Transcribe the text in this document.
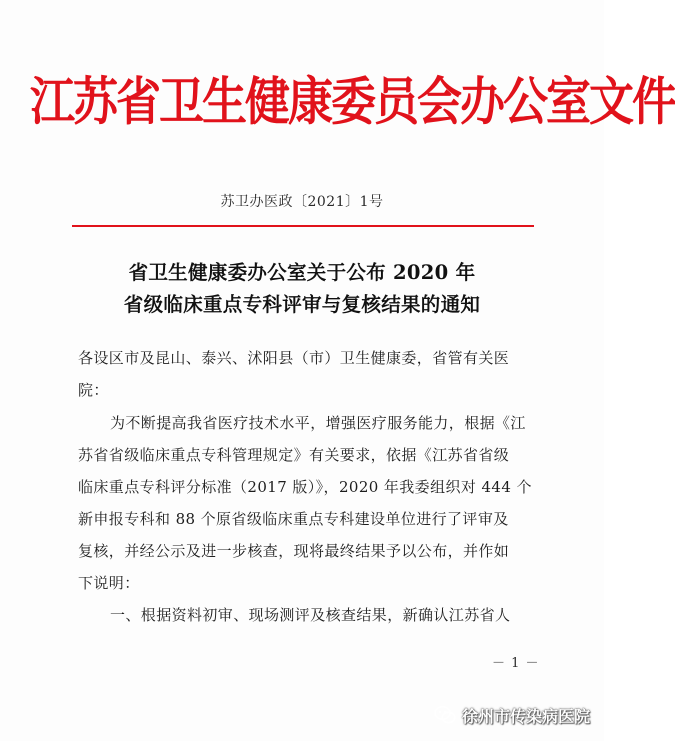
江苏省卫生健康委员会办公室文件
苏卫办医政〔2021〕1号
省卫生健康委办公室关于公布 2020 年
省级临床重点专科评审与复核结果的通知
各设区市及昆山、泰兴、沭阳县（市）卫生健康委，省管有关医
院：
为不断提高我省医疗技术水平，增强医疗服务能力，根据《江
苏省省级临床重点专科管理规定》有关要求，依据《江苏省省级
临床重点专科评分标准（2017 版）》，2020 年我委组织对 444 个
新申报专科和 88 个原省级临床重点专科建设单位进行了评审及
复核，并经公示及进一步核查，现将最终结果予以公布，并作如
下说明：
一、根据资料初审、现场测评及核查结果，新确认江苏省人
－ 1 －
徐州市传染病医院
